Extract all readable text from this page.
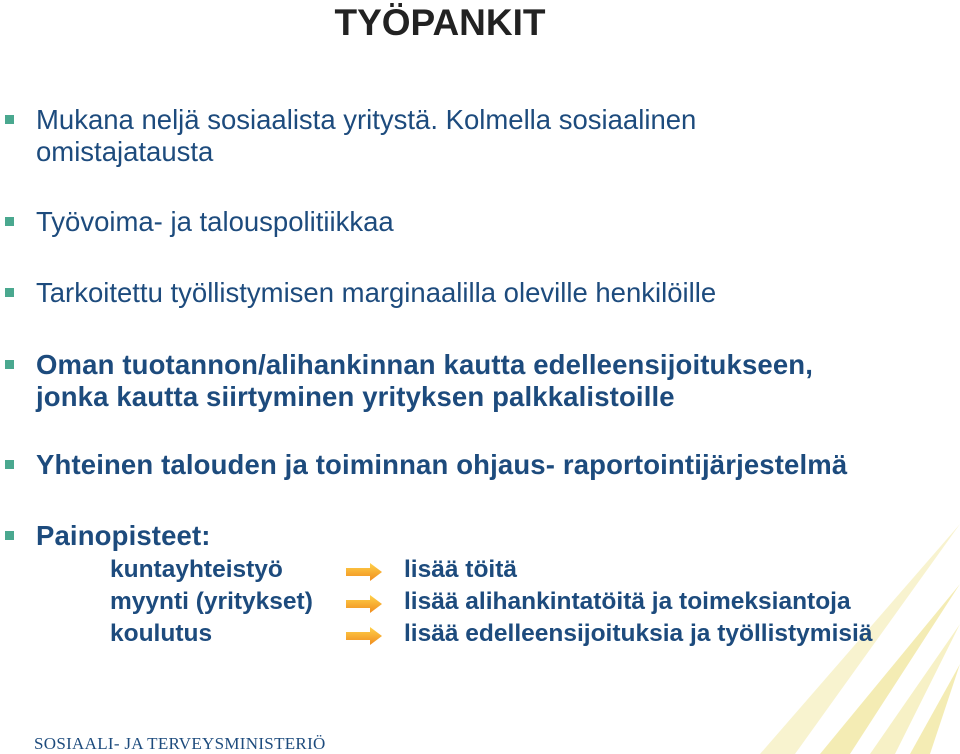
TYÖPANKIT
Mukana neljä sosiaalista yritystä. Kolmella sosiaalinen
omistajatausta
Työvoima- ja talouspolitiikkaa
Tarkoitettu työllistymisen marginaalilla oleville henkilöille
Oman tuotannon/alihankinnan kautta edelleensijoitukseen,
jonka kautta siirtyminen yrityksen palkkalistoille
Yhteinen talouden ja toiminnan ohjaus- raportointijärjestelmä
Painopisteet:
kuntayhteistyö	lisää töitä
myynti (yritykset)	lisää alihankintatöitä ja toimeksiantoja
koulutus	lisää edelleensijoituksia ja työllistymisiä
SOSIAALI- JA TERVEYSMINISTERIÖ
